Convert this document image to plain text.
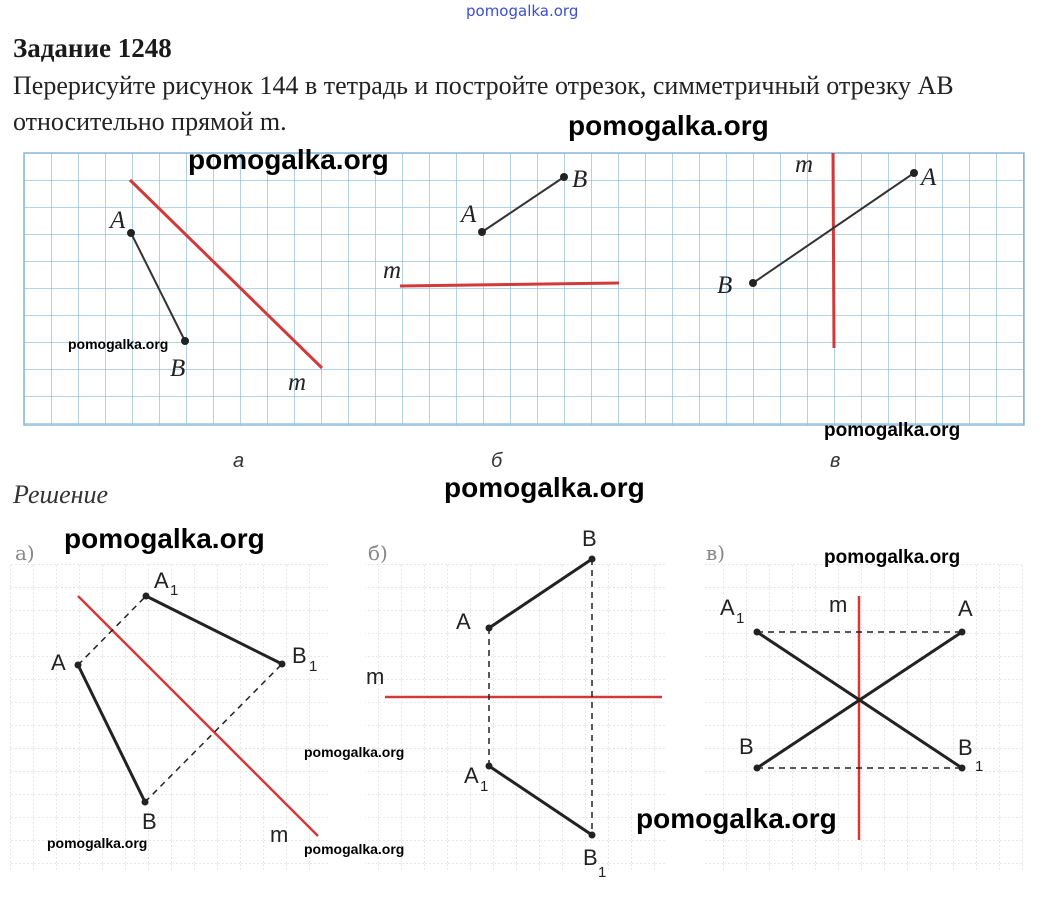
pomogalka.org
Задание 1248
Перерисуйте рисунок 144 в тетрадь и постройте отрезок, симметричный отрезку AB относительно прямой m.
A
B
m
A
B
m
A
B
m
а)
A
B
A 1
B 1
m
б)
A
B
A 1
B
1
m
в)
A 1	A
B	B
1
m
а	б	в
Решение
pomogalka.org
pomogalka.org
pomogalka.org
pomogalka.org
pomogalka.org
pomogalka.org
pomogalka.org
pomogalka.org
pomogalka.org
pomogalka.org	pomogalka.org
